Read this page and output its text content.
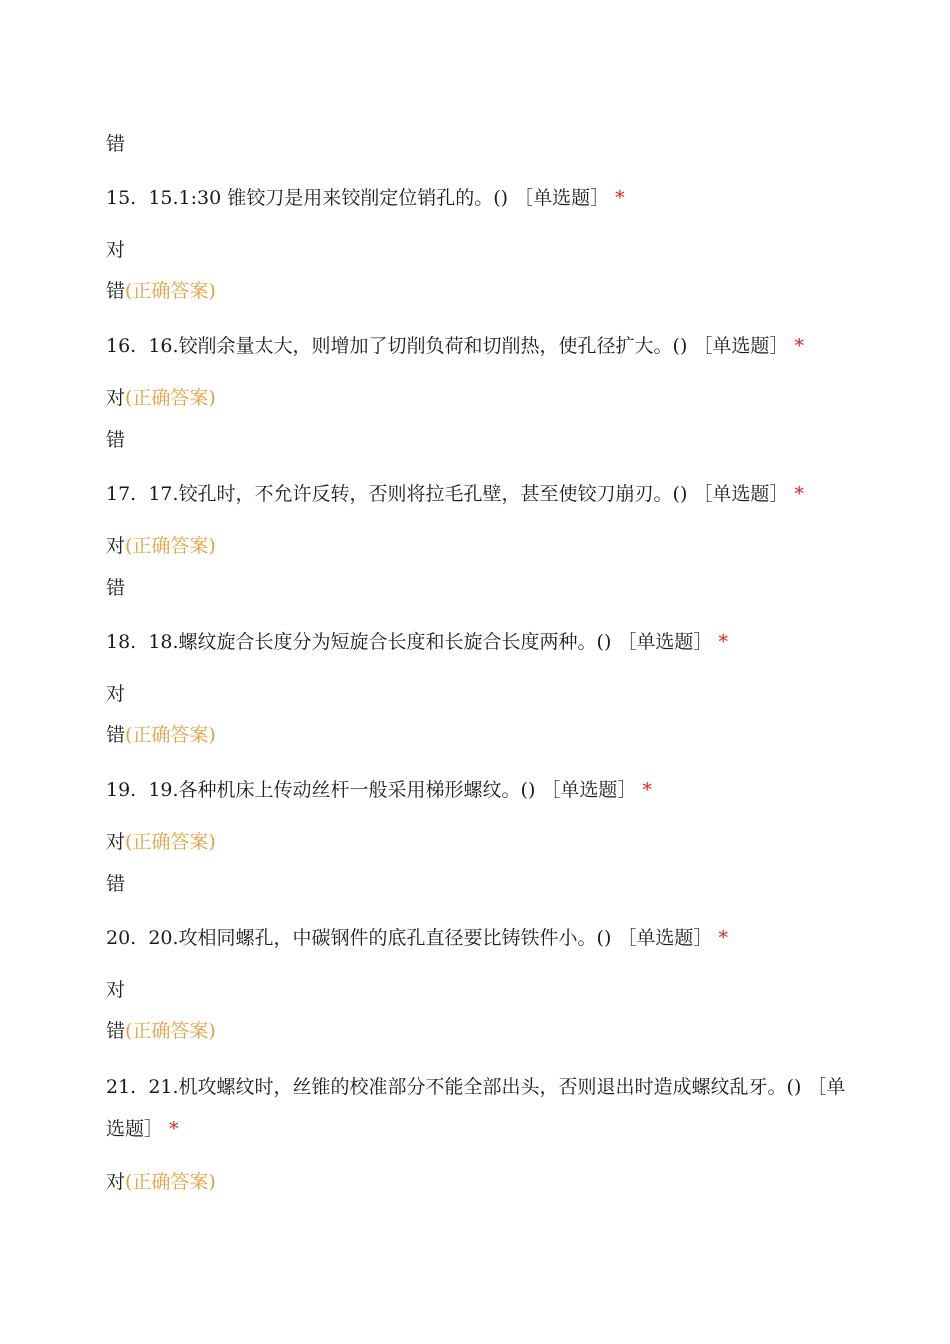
错
15. 15.1:30 锥铰刀是用来铰削定位销孔的。() ［单选题］ *
对
错(正确答案)
16. 16.铰削余量太大，则增加了切削负荷和切削热，使孔径扩大。() ［单选题］ *
对(正确答案)
错
17. 17.铰孔时，不允许反转，否则将拉毛孔壁，甚至使铰刀崩刃。() ［单选题］ *
对(正确答案)
错
18. 18.螺纹旋合长度分为短旋合长度和长旋合长度两种。() ［单选题］ *
对
错(正确答案)
19. 19.各种机床上传动丝杆一般采用梯形螺纹。() ［单选题］ *
对(正确答案)
错
20. 20.攻相同螺孔，中碳钢件的底孔直径要比铸铁件小。() ［单选题］ *
对
错(正确答案)
21. 21.机攻螺纹时，丝锥的校准部分不能全部出头，否则退出时造成螺纹乱牙。() ［单选题］ *
对(正确答案)
